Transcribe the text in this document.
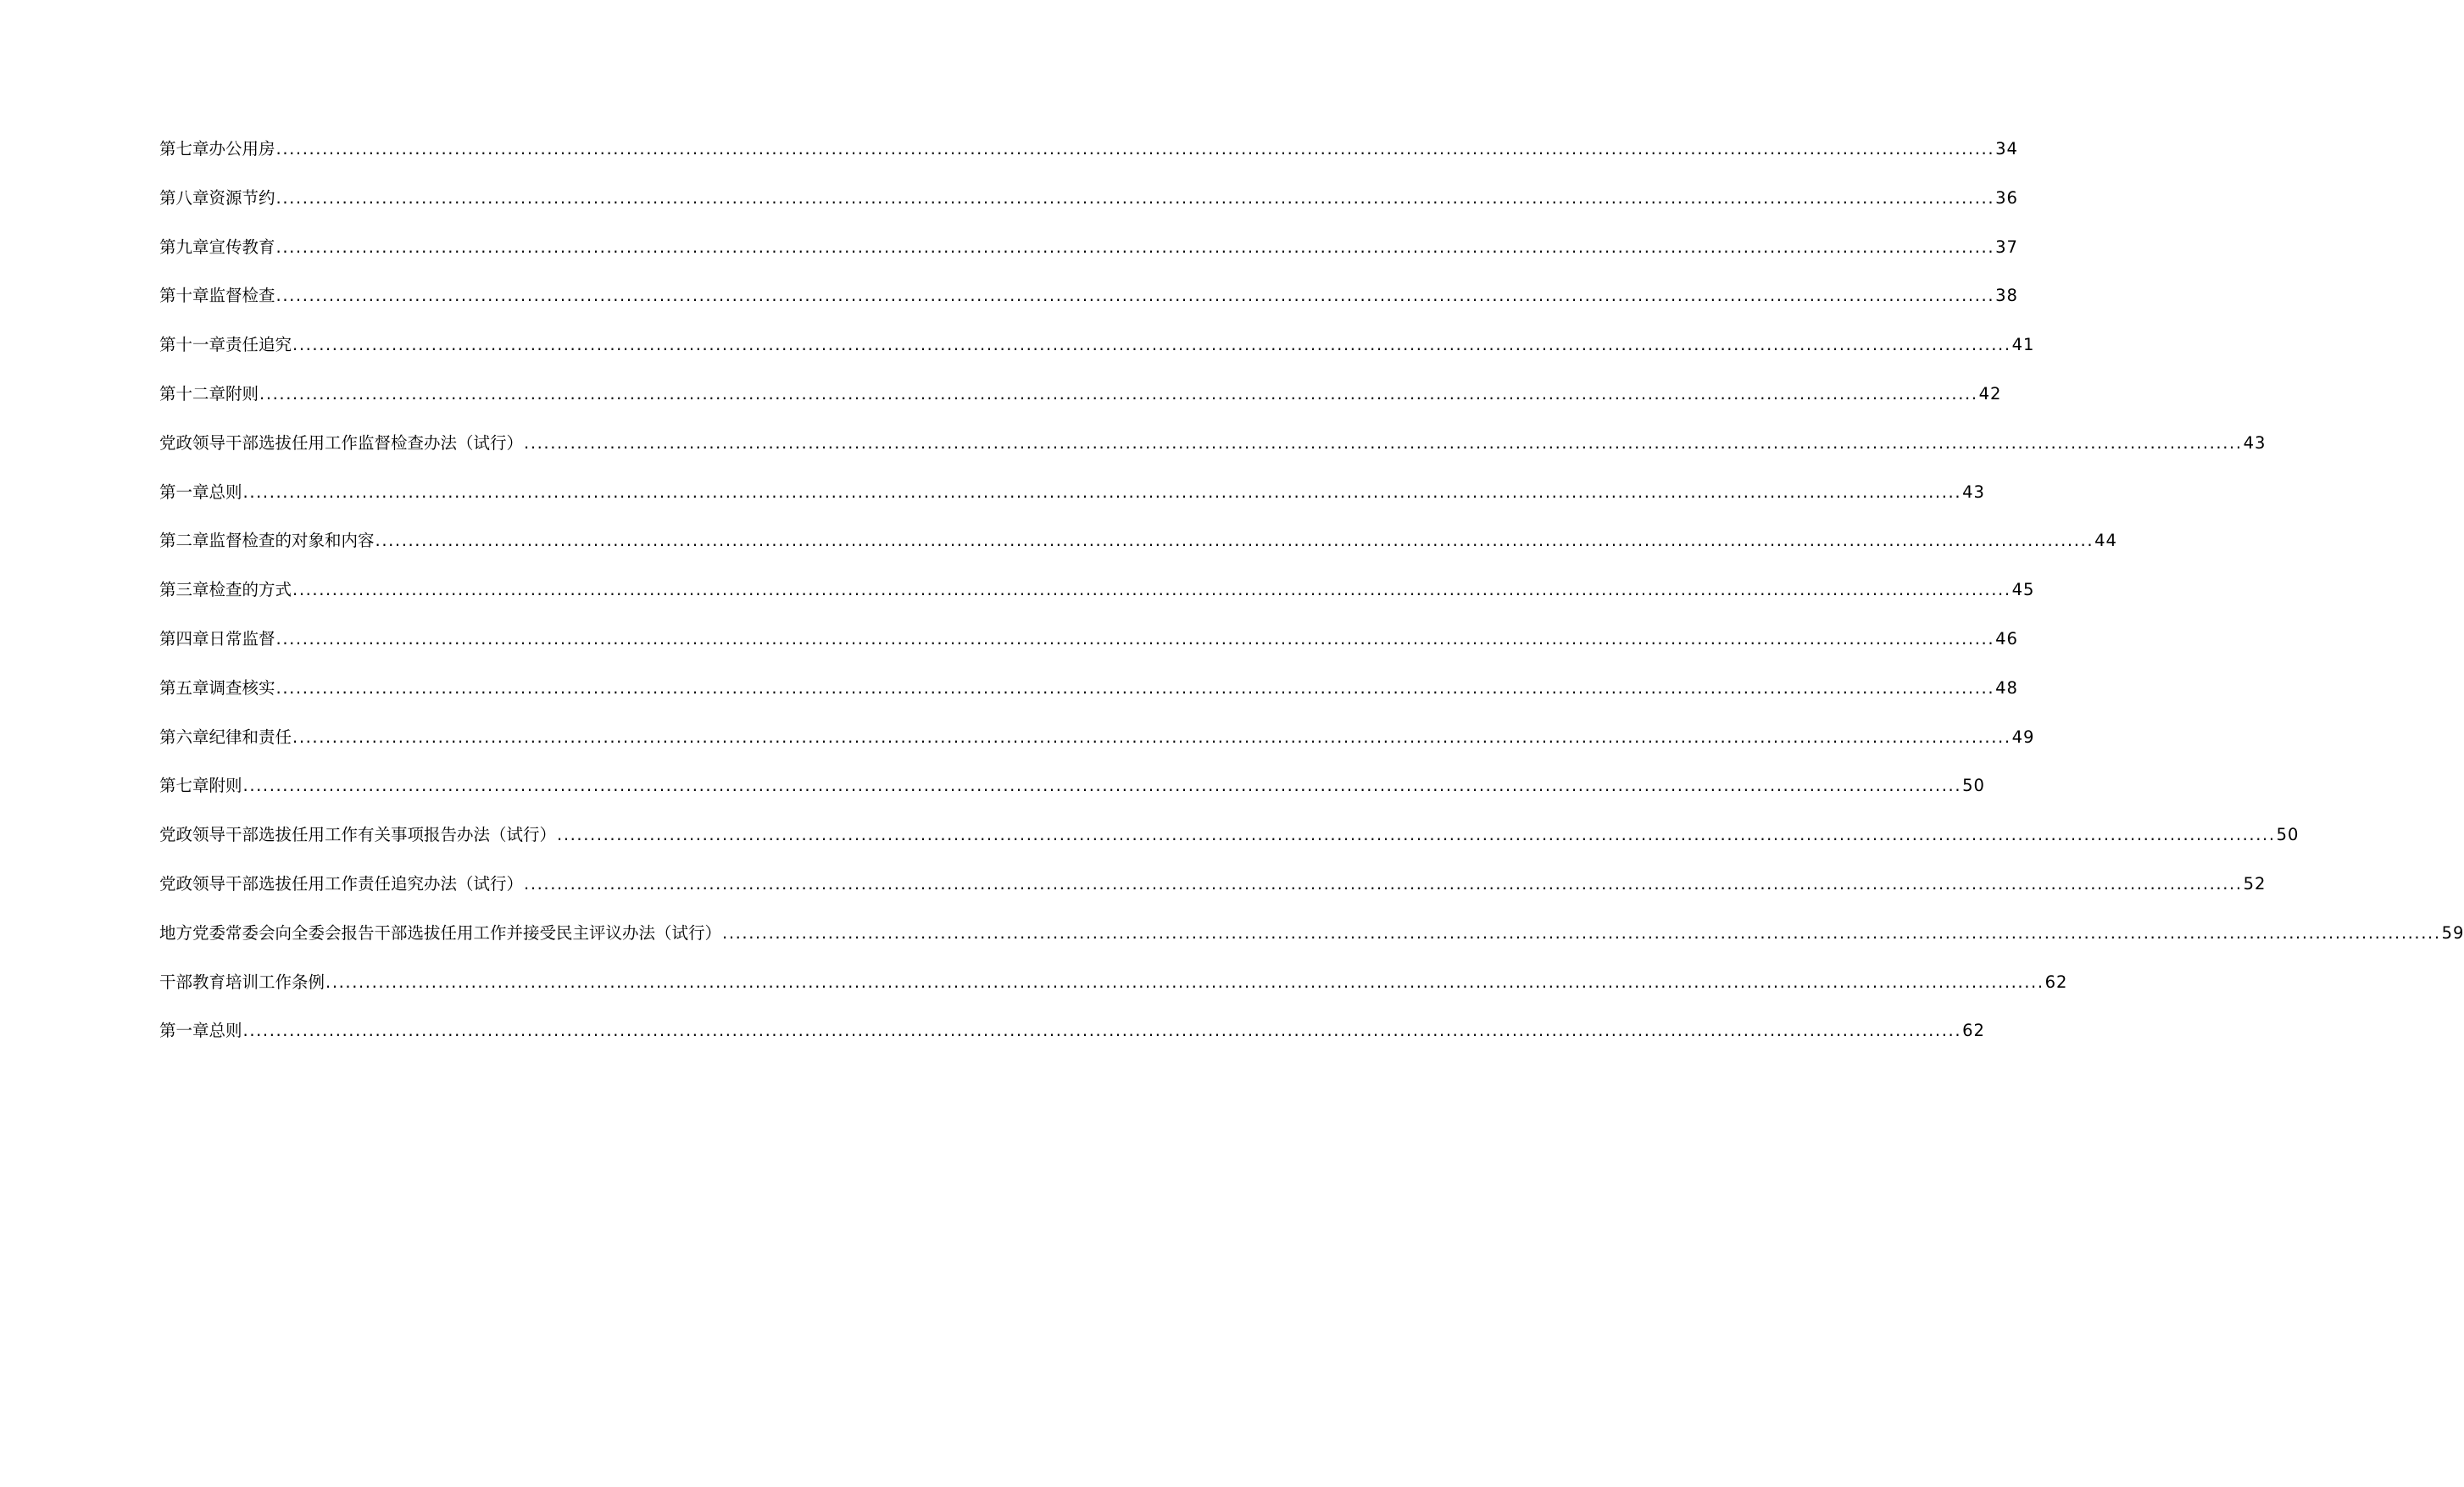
第七章办公用房 .................................................................................................................................................................................................................................................................... 34
第八章资源节约 .................................................................................................................................................................................................................................................................... 36
第九章宣传教育 .................................................................................................................................................................................................................................................................... 37
第十章监督检查 .................................................................................................................................................................................................................................................................... 38
第十一章责任追究 .................................................................................................................................................................................................................................................................... 41
第十二章附则 .................................................................................................................................................................................................................................................................... 42
党政领导干部选拔任用工作监督检查办法（试行） .................................................................................................................................................................................................................................................................... 43
第一章总则 .................................................................................................................................................................................................................................................................... 43
第二章监督检查的对象和内容 .................................................................................................................................................................................................................................................................... 44
第三章检查的方式 .................................................................................................................................................................................................................................................................... 45
第四章日常监督 .................................................................................................................................................................................................................................................................... 46
第五章调查核实 .................................................................................................................................................................................................................................................................... 48
第六章纪律和责任 .................................................................................................................................................................................................................................................................... 49
第七章附则 .................................................................................................................................................................................................................................................................... 50
党政领导干部选拔任用工作有关事项报告办法（试行） .................................................................................................................................................................................................................................................................... 50
党政领导干部选拔任用工作责任追究办法（试行） .................................................................................................................................................................................................................................................................... 52
地方党委常委会向全委会报告干部选拔任用工作并接受民主评议办法（试行） .................................................................................................................................................................................................................................................................... 59
干部教育培训工作条例 .................................................................................................................................................................................................................................................................... 62
第一章总则 .................................................................................................................................................................................................................................................................... 62
